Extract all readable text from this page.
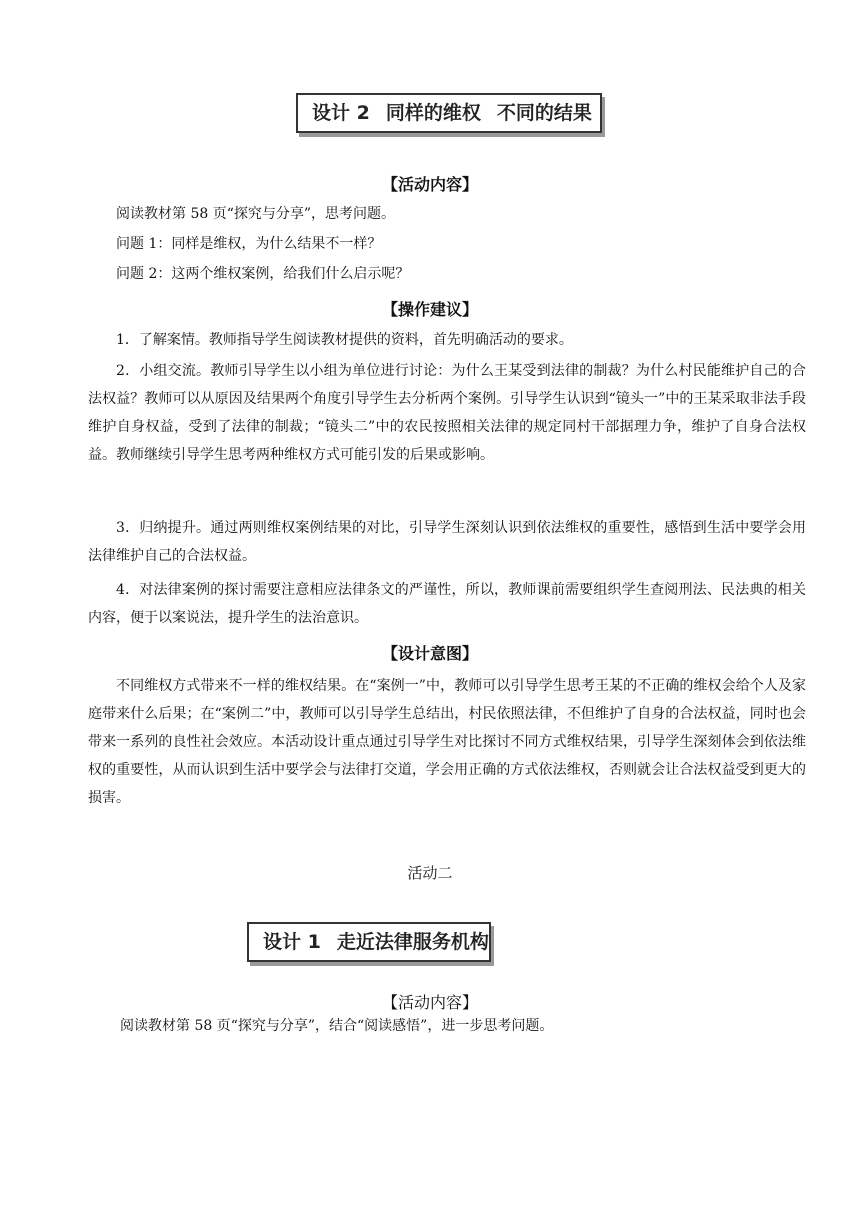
设计 2 同样的维权 不同的结果
【活动内容】

阅读教材第 58 页“探究与分享”，思考问题。

问题 1：同样是维权，为什么结果不一样？

问题 2：这两个维权案例，给我们什么启示呢？

【操作建议】

1．了解案情。教师指导学生阅读教材提供的资料，首先明确活动的要求。

2．小组交流。教师引导学生以小组为单位进行讨论：为什么王某受到法律的制裁？为什么村民能维护自己的合法权益？教师可以从原因及结果两个角度引导学生去分析两个案例。引导学生认识到“镜头一”中的王某采取非法手段维护自身权益，受到了法律的制裁；“镜头二”中的农民按照相关法律的规定同村干部据理力争，维护了自身合法权益。教师继续引导学生思考两种维权方式可能引发的后果或影响。

3．归纳提升。通过两则维权案例结果的对比，引导学生深刻认识到依法维权的重要性，感悟到生活中要学会用法律维护自己的合法权益。

4．对法律案例的探讨需要注意相应法律条文的严谨性，所以，教师课前需要组织学生查阅刑法、民法典的相关内容，便于以案说法，提升学生的法治意识。

【设计意图】

不同维权方式带来不一样的维权结果。在“案例一”中，教师可以引导学生思考王某的不正确的维权会给个人及家庭带来什么后果；在“案例二”中，教师可以引导学生总结出，村民依照法律，不但维护了自身的合法权益，同时也会带来一系列的良性社会效应。本活动设计重点通过引导学生对比探讨不同方式维权结果，引导学生深刻体会到依法维权的重要性，从而认识到生活中要学会与法律打交道，学会用正确的方式依法维权，否则就会让合法权益受到更大的损害。

活动二
设计 1 走近法律服务机构
【活动内容】

阅读教材第 58 页“探究与分享”，结合“阅读感悟”，进一步思考问题。
